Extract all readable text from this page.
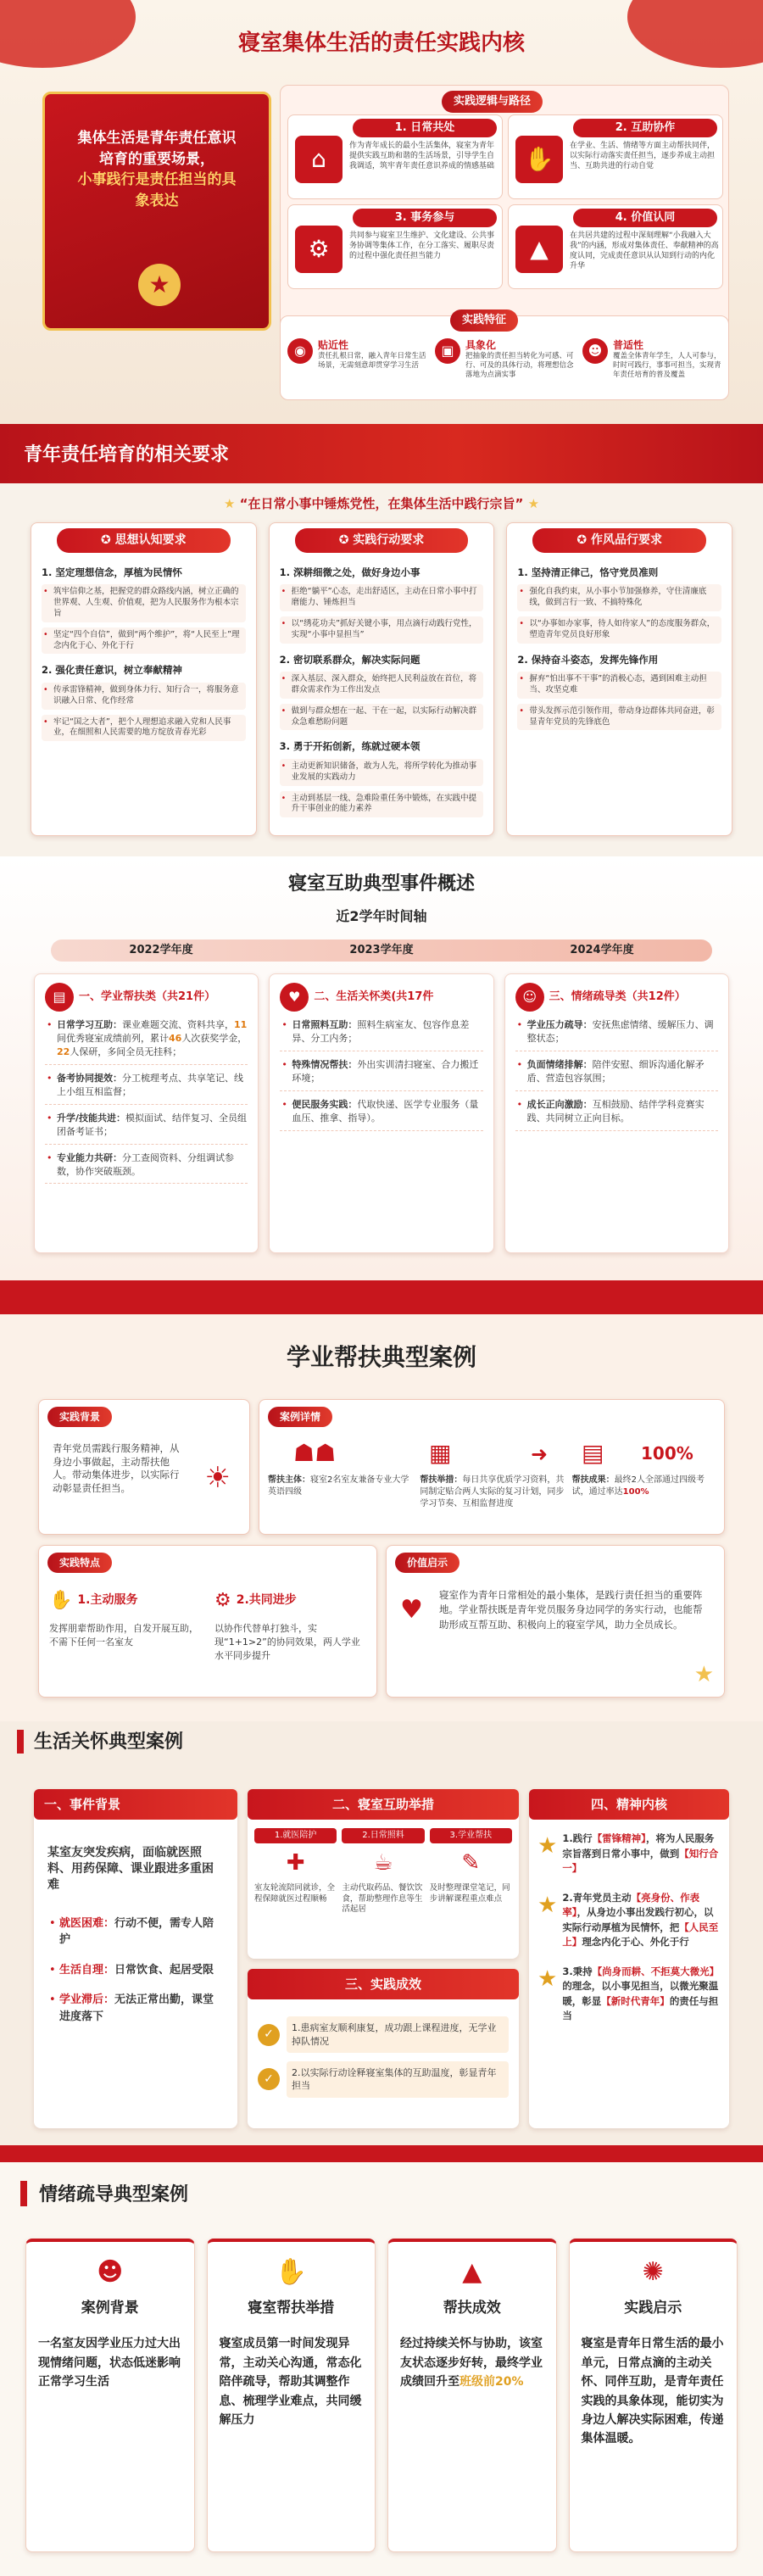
寝室集体生活的责任实践内核
集体生活是青年责任意识培育的重要场景，
小事践行是责任担当的具象表达
★
实践逻辑与路径
⌂
1. 日常共处
作为青年成长的最小生活集体，寝室为青年提供实践互助和谐的生活场景，引导学生自我调适，筑牢青年责任意识养成的情感基础	✋
2. 互助协作
在学业、生活、情绪等方面主动帮扶同伴，以实际行动落实责任担当，逐步养成主动担当、互助共进的行动自觉
⚙
3. 事务参与
共同参与寝室卫生维护、文化建设、公共事务协调等集体工作，在分工落实、履职尽责的过程中强化责任担当能力	▲
4. 价值认同
在共居共建的过程中深刻理解“小我融入大我”的内涵，形成对集体责任、奉献精神的高度认同，完成责任意识从认知到行动的内化升华
实践特征
◉	贴近性
责任扎根日常，融入青年日常生活场景，无需刻意却贯穿学习生活
▣	具象化
把抽象的责任担当转化为可感、可行、可及的具体行动，将理想信念落地为点滴实事
☻	普适性
覆盖全体青年学生，人人可参与，时时可践行，事事可担当，实现青年责任培育的普及覆盖
青年责任培育的相关要求
★ “在日常小事中锤炼党性，在集体生活中践行宗旨” ★
✪ 思想认知要求
1. 坚定理想信念，厚植为民情怀
• 筑牢信仰之基，把握党的群众路线内涵，树立正确的世界观、人生观、价值观，把为人民服务作为根本宗旨
• 坚定“四个自信”，做到“两个维护”，将“人民至上”理念内化于心、外化于行
2. 强化责任意识，树立奉献精神
• 传承雷锋精神，做到身体力行、知行合一，将服务意识融入日常、化作经常
• 牢记“国之大者”，把个人理想追求融入党和人民事业，在细照和人民需要的地方绽放青春光彩
✪ 实践行动要求
1. 深耕细微之处，做好身边小事
• 拒绝“躺平”心态，走出舒适区，主动在日常小事中打磨能力、锤炼担当
• 以“绣花功夫”抓好关键小事，用点滴行动践行党性，实现“小事中显担当”
2. 密切联系群众，解决实际问题
• 深入基层、深入群众，始终把人民利益放在首位，将群众需求作为工作出发点
• 做到与群众想在一起、干在一起，以实际行动解决群众急难愁盼问题
3. 勇于开拓创新，练就过硬本领
• 主动更新知识储备，敢为人先，将所学转化为推动事业发展的实践动力
• 主动到基层一线、急难险重任务中锻炼，在实践中提升干事创业的能力素养
✪ 作风品行要求
1. 坚持清正律己，恪守党员准则
• 强化自我约束，从小事小节加强修养，守住清廉底线，做到言行一致、不搞特殊化
• 以“办事如办家事，待人如待家人”的态度服务群众，塑造青年党员良好形象
2. 保持奋斗姿态，发挥先锋作用
• 摒弃“怕出事不干事”的消极心态，遇到困难主动担当、攻坚克难
• 带头发挥示范引领作用，带动身边群体共同奋进，彰显青年党员的先锋底色
寝室互助典型事件概述
近2学年时间轴
2022学年度	2023学年度	2024学年度
▤	一、学业帮扶类（共21件）
• 日常学习互助：课业难题交流、资料共享，11间优秀寝室成绩前列，累计46人次获奖学金，22人保研，多间全员无挂科；
• 备考协同提效：分工梳理考点、共享笔记、线上小组互相监督；
• 升学/技能共进：模拟面试、结伴复习、全员组团备考证书；
• 专业能力共研：分工查阅资料、分组调试参数，协作突破瓶颈。
♥	二、生活关怀类(共17件
• 日常照料互助：照料生病室友、包容作息差异、分工内务；
• 特殊情况帮扶：外出实训清扫寝室、合力搬迁环境；
• 便民服务实践：代取快递、医学专业服务（量血压、推拿、指导）。
☺	三、情绪疏导类（共12件）
• 学业压力疏导：安抚焦虑情绪、缓解压力、调整状态；
• 负面情绪排解：陪伴安慰、细诉沟通化解矛盾、营造包容氛围；
• 成长正向激励：互相鼓励、结伴学科竞赛实践、共同树立正向目标。
学业帮扶典型案例
实践背景
青年党员需践行服务精神，从身边小事做起，主动帮扶他人。带动集体进步，以实际行动彰显责任担当。	☀
案例详情
☗☗	▦	➜ ▤ 100%
帮扶主体：寝室2名室友兼备专业大学英语四级
帮扶举措：每日共享优质学习资料，共同制定贴合两人实际的复习计划，同步学习节奏、互相监督进度
帮扶成果：最终2人全部通过四级考试，通过率达100%
实践特点
✋ 1.主动服务
发挥朋辈帮助作用，自发开展互助，不需下任何一名室友
⚙ 2.共同进步
以协作代替单打独斗，实现“1+1>2”的协同效果，两人学业水平同步提升
价值启示
♥ 寝室作为青年日常相处的最小集体，是践行责任担当的重要阵地。学业帮扶既是青年党员服务身边同学的务实行动，也能帮助形成互帮互助、积极向上的寝室学风，助力全员成长。
★
生活关怀典型案例
一、事件背景
某室友突发疾病，面临就医照料、用药保障、课业跟进多重困难
• 就医困难：行动不便，需专人陪护
• 生活自理：日常饮食、起居受限
• 学业滞后：无法正常出勤，课堂进度落下
二、寝室互助举措
1.就医陪护
✚
室友轮流陪同就诊，全程保障就医过程顺畅
2.日常照料
☕
主动代取药品、餐饮饮食，帮助整理作息等生活起居
3.学业帮扶
✎
及时整理课堂笔记，同步讲解课程重点难点
三、实践成效
✓	1.患病室友顺利康复，成功跟上课程进度，无学业掉队情况
✓	2.以实际行动诠释寝室集体的互助温度，彰显青年担当
四、精神内核
★ 1.践行【雷锋精神】，将为人民服务宗旨落到日常小事中，做到【知行合一】
★ 2.青年党员主动【亮身份、作表率】，从身边小事出发践行初心，以实际行动厚植为民情怀，把【人民至上】理念内化于心、外化于行
★ 3.秉持【尚身而耕、不拒莫大微光】的理念，以小事见担当，以微光聚温暖，彰显【新时代青年】的责任与担当
情绪疏导典型案例
☻
案例背景
一名室友因学业压力过大出现情绪问题，状态低迷影响正常学习生活
✋
寝室帮扶举措
寝室成员第一时间发现异常，主动关心沟通，常态化陪伴疏导，帮助其调整作息、梳理学业难点，共同缓解压力
▲
帮扶成效
经过持续关怀与协助，该室友状态逐步好转，最终学业成绩回升至班级前20%
✺
实践启示
寝室是青年日常生活的最小单元，日常点滴的主动关怀、同伴互助，是青年责任实践的具象体现，能切实为身边人解决实际困难，传递集体温暖。
